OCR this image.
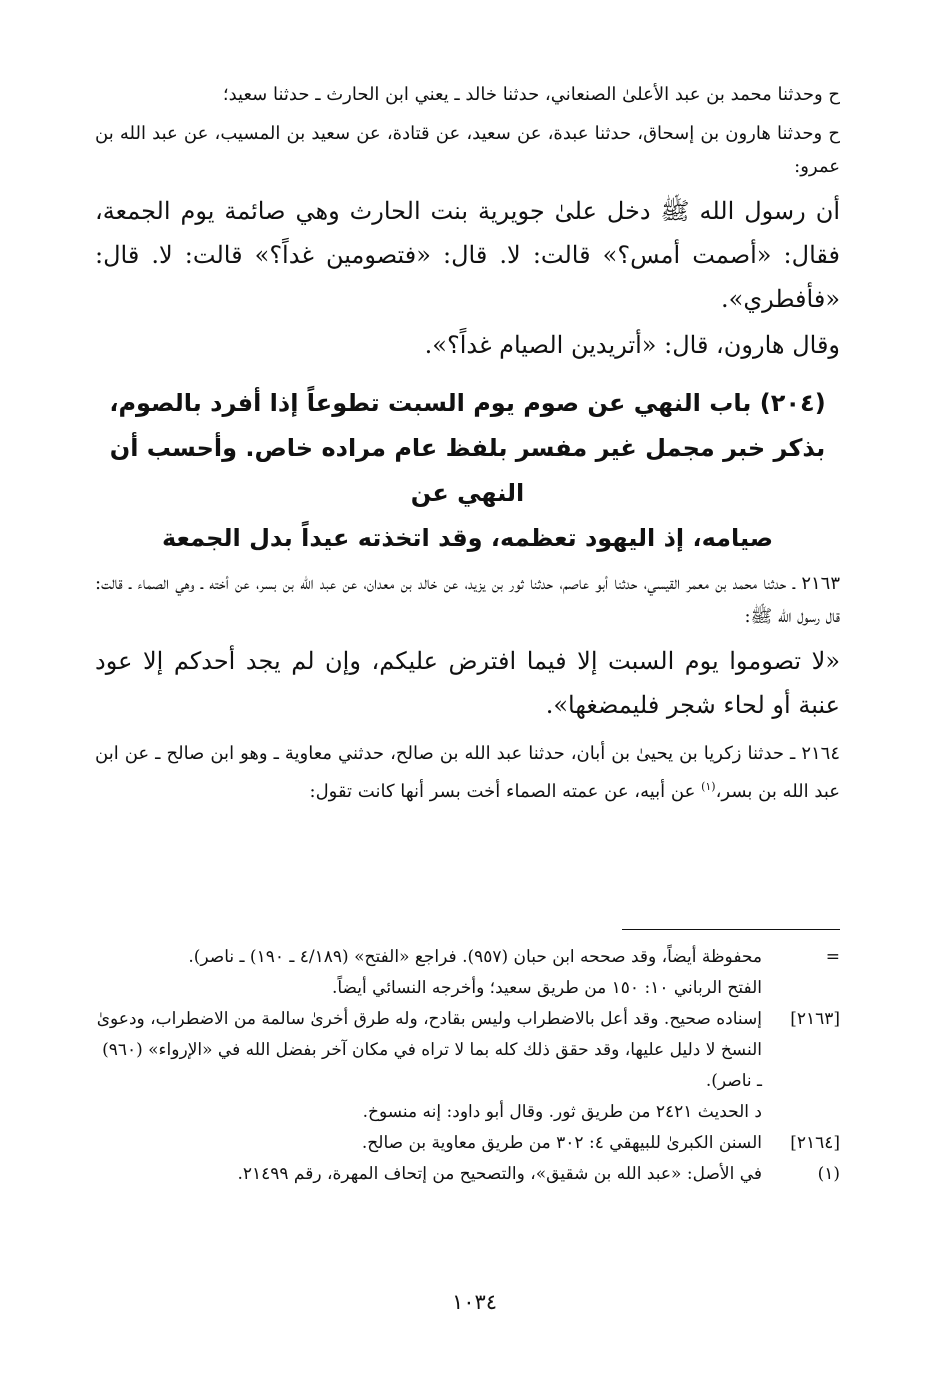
ح وحدثنا محمد بن عبد الأعلىٰ الصنعاني، حدثنا خالد ـ يعني ابن الحارث ـ حدثنا سعيد؛

ح وحدثنا هارون بن إسحاق، حدثنا عبدة، عن سعيد، عن قتادة، عن سعيد بن المسيب، عن عبد الله بن عمرو:

أن رسول الله ﷺ دخل علىٰ جويرية بنت الحارث وهي صائمة يوم الجمعة، فقال: «أصمت أمس؟» قالت: لا. قال: «فتصومين غداً؟» قالت: لا. قال: «فأفطري».

وقال هارون، قال: «أتريدين الصيام غداً؟».

(٢٠٤) باب النهي عن صوم يوم السبت تطوعاً إذا أفرد بالصوم،
بذكر خبر مجمل غير مفسر بلفظ عام مراده خاص. وأحسب أن النهي عن
صيامه، إذ اليهود تعظمه، وقد اتخذته عيداً بدل الجمعة

٢١٦٣ ـ حدثنا محمد بن معمر القيسي، حدثنا أبو عاصم، حدثنا ثور بن يزيد، عن خالد بن معدان، عن عبد الله بن بسر، عن أخته ـ وهي الصماء ـ قالت: قال رسول الله ﷺ:

«لا تصوموا يوم السبت إلا فيما افترض عليكم، وإن لم يجد أحدكم إلا عود عنبة أو لحاء شجر فليمضغها».

٢١٦٤ ـ حدثنا زكريا بن يحيىٰ بن أبان، حدثنا عبد الله بن صالح، حدثني معاوية ـ وهو ابن صالح ـ عن ابن عبد الله بن بسر،$^{(١)}$ عن أبيه، عن عمته الصماء أخت بسر أنها كانت تقول:

=
محفوظة أيضاً، وقد صححه ابن حبان (٩٥٧). فراجع «الفتح» (٤/١٨٩ ـ ١٩٠) ـ ناصر).

الفتح الرباني ١٠: ١٥٠ من طريق سعيد؛ وأخرجه النسائي أيضاً.

[٢١٦٣]
إسناده صحيح. وقد أعل بالاضطراب وليس بقادح، وله طرق أخرىٰ سالمة من الاضطراب، ودعوىٰ النسخ لا دليل عليها، وقد حقق ذلك كله بما لا تراه في مكان آخر بفضل الله في «الإرواء» (٩٦٠) ـ ناصر).

د الحديث ٢٤٢١ من طريق ثور. وقال أبو داود: إنه منسوخ.

[٢١٦٤]
السنن الكبرىٰ للبيهقي ٤: ٣٠٢ من طريق معاوية بن صالح.

(١)
في الأصل: «عبد الله بن شقيق»، والتصحيح من إتحاف المهرة، رقم ٢١٤٩٩.

١٠٣٤
